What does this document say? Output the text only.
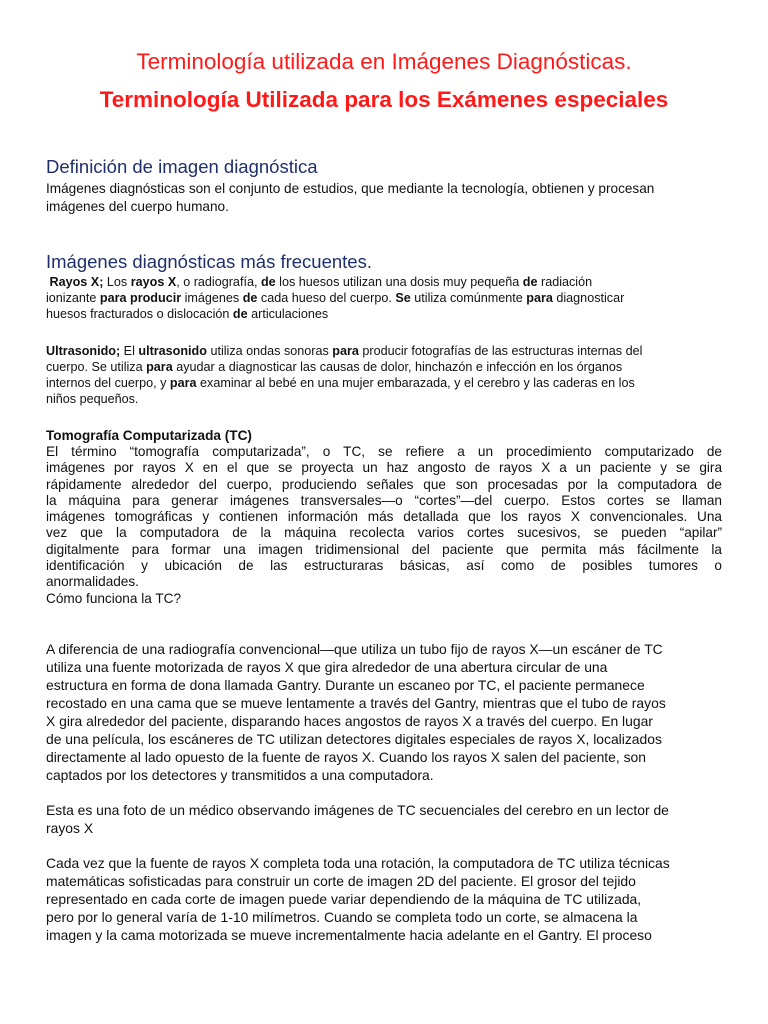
Terminología utilizada en Imágenes Diagnósticas.
Terminología Utilizada para los Exámenes especiales
Definición de imagen diagnóstica
Imágenes diagnósticas son el conjunto de estudios, que mediante la tecnología, obtienen y procesan
imágenes del cuerpo humano.
Imágenes diagnósticas más frecuentes.
Rayos X; Los rayos X, o radiografía, de los huesos utilizan una dosis muy pequeña de radiación
ionizante para producir imágenes de cada hueso del cuerpo. Se utiliza comúnmente para diagnosticar
huesos fracturados o dislocación de articulaciones
Ultrasonido; El ultrasonido utiliza ondas sonoras para producir fotografías de las estructuras internas del
cuerpo. Se utiliza para ayudar a diagnosticar las causas de dolor, hinchazón e infección en los órganos
internos del cuerpo, y para examinar al bebé en una mujer embarazada, y el cerebro y las caderas en los
niños pequeños.
Tomografía Computarizada (TC)
El término “tomografía computarizada”, o TC, se refiere a un procedimiento computarizado de
imágenes por rayos X en el que se proyecta un haz angosto de rayos X a un paciente y se gira
rápidamente alrededor del cuerpo, produciendo señales que son procesadas por la computadora de
la máquina para generar imágenes transversales—o “cortes”—del cuerpo. Estos cortes se llaman
imágenes tomográficas y contienen información más detallada que los rayos X convencionales. Una
vez que la computadora de la máquina recolecta varios cortes sucesivos, se pueden “apilar”
digitalmente para formar una imagen tridimensional del paciente que permita más fácilmente la
identificación y ubicación de las estructuraras básicas, así como de posibles tumores o
anormalidades.
Cómo funciona la TC?
A diferencia de una radiografía convencional—que utiliza un tubo fijo de rayos X—un escáner de TC
utiliza una fuente motorizada de rayos X que gira alrededor de una abertura circular de una
estructura en forma de dona llamada Gantry. Durante un escaneo por TC, el paciente permanece
recostado en una cama que se mueve lentamente a través del Gantry, mientras que el tubo de rayos
X gira alrededor del paciente, disparando haces angostos de rayos X a través del cuerpo. En lugar
de una película, los escáneres de TC utilizan detectores digitales especiales de rayos X, localizados
directamente al lado opuesto de la fuente de rayos X. Cuando los rayos X salen del paciente, son
captados por los detectores y transmitidos a una computadora.
Esta es una foto de un médico observando imágenes de TC secuenciales del cerebro en un lector de
rayos X
Cada vez que la fuente de rayos X completa toda una rotación, la computadora de TC utiliza técnicas
matemáticas sofisticadas para construir un corte de imagen 2D del paciente. El grosor del tejido
representado en cada corte de imagen puede variar dependiendo de la máquina de TC utilizada,
pero por lo general varía de 1-10 milímetros. Cuando se completa todo un corte, se almacena la
imagen y la cama motorizada se mueve incrementalmente hacia adelante en el Gantry. El proceso
